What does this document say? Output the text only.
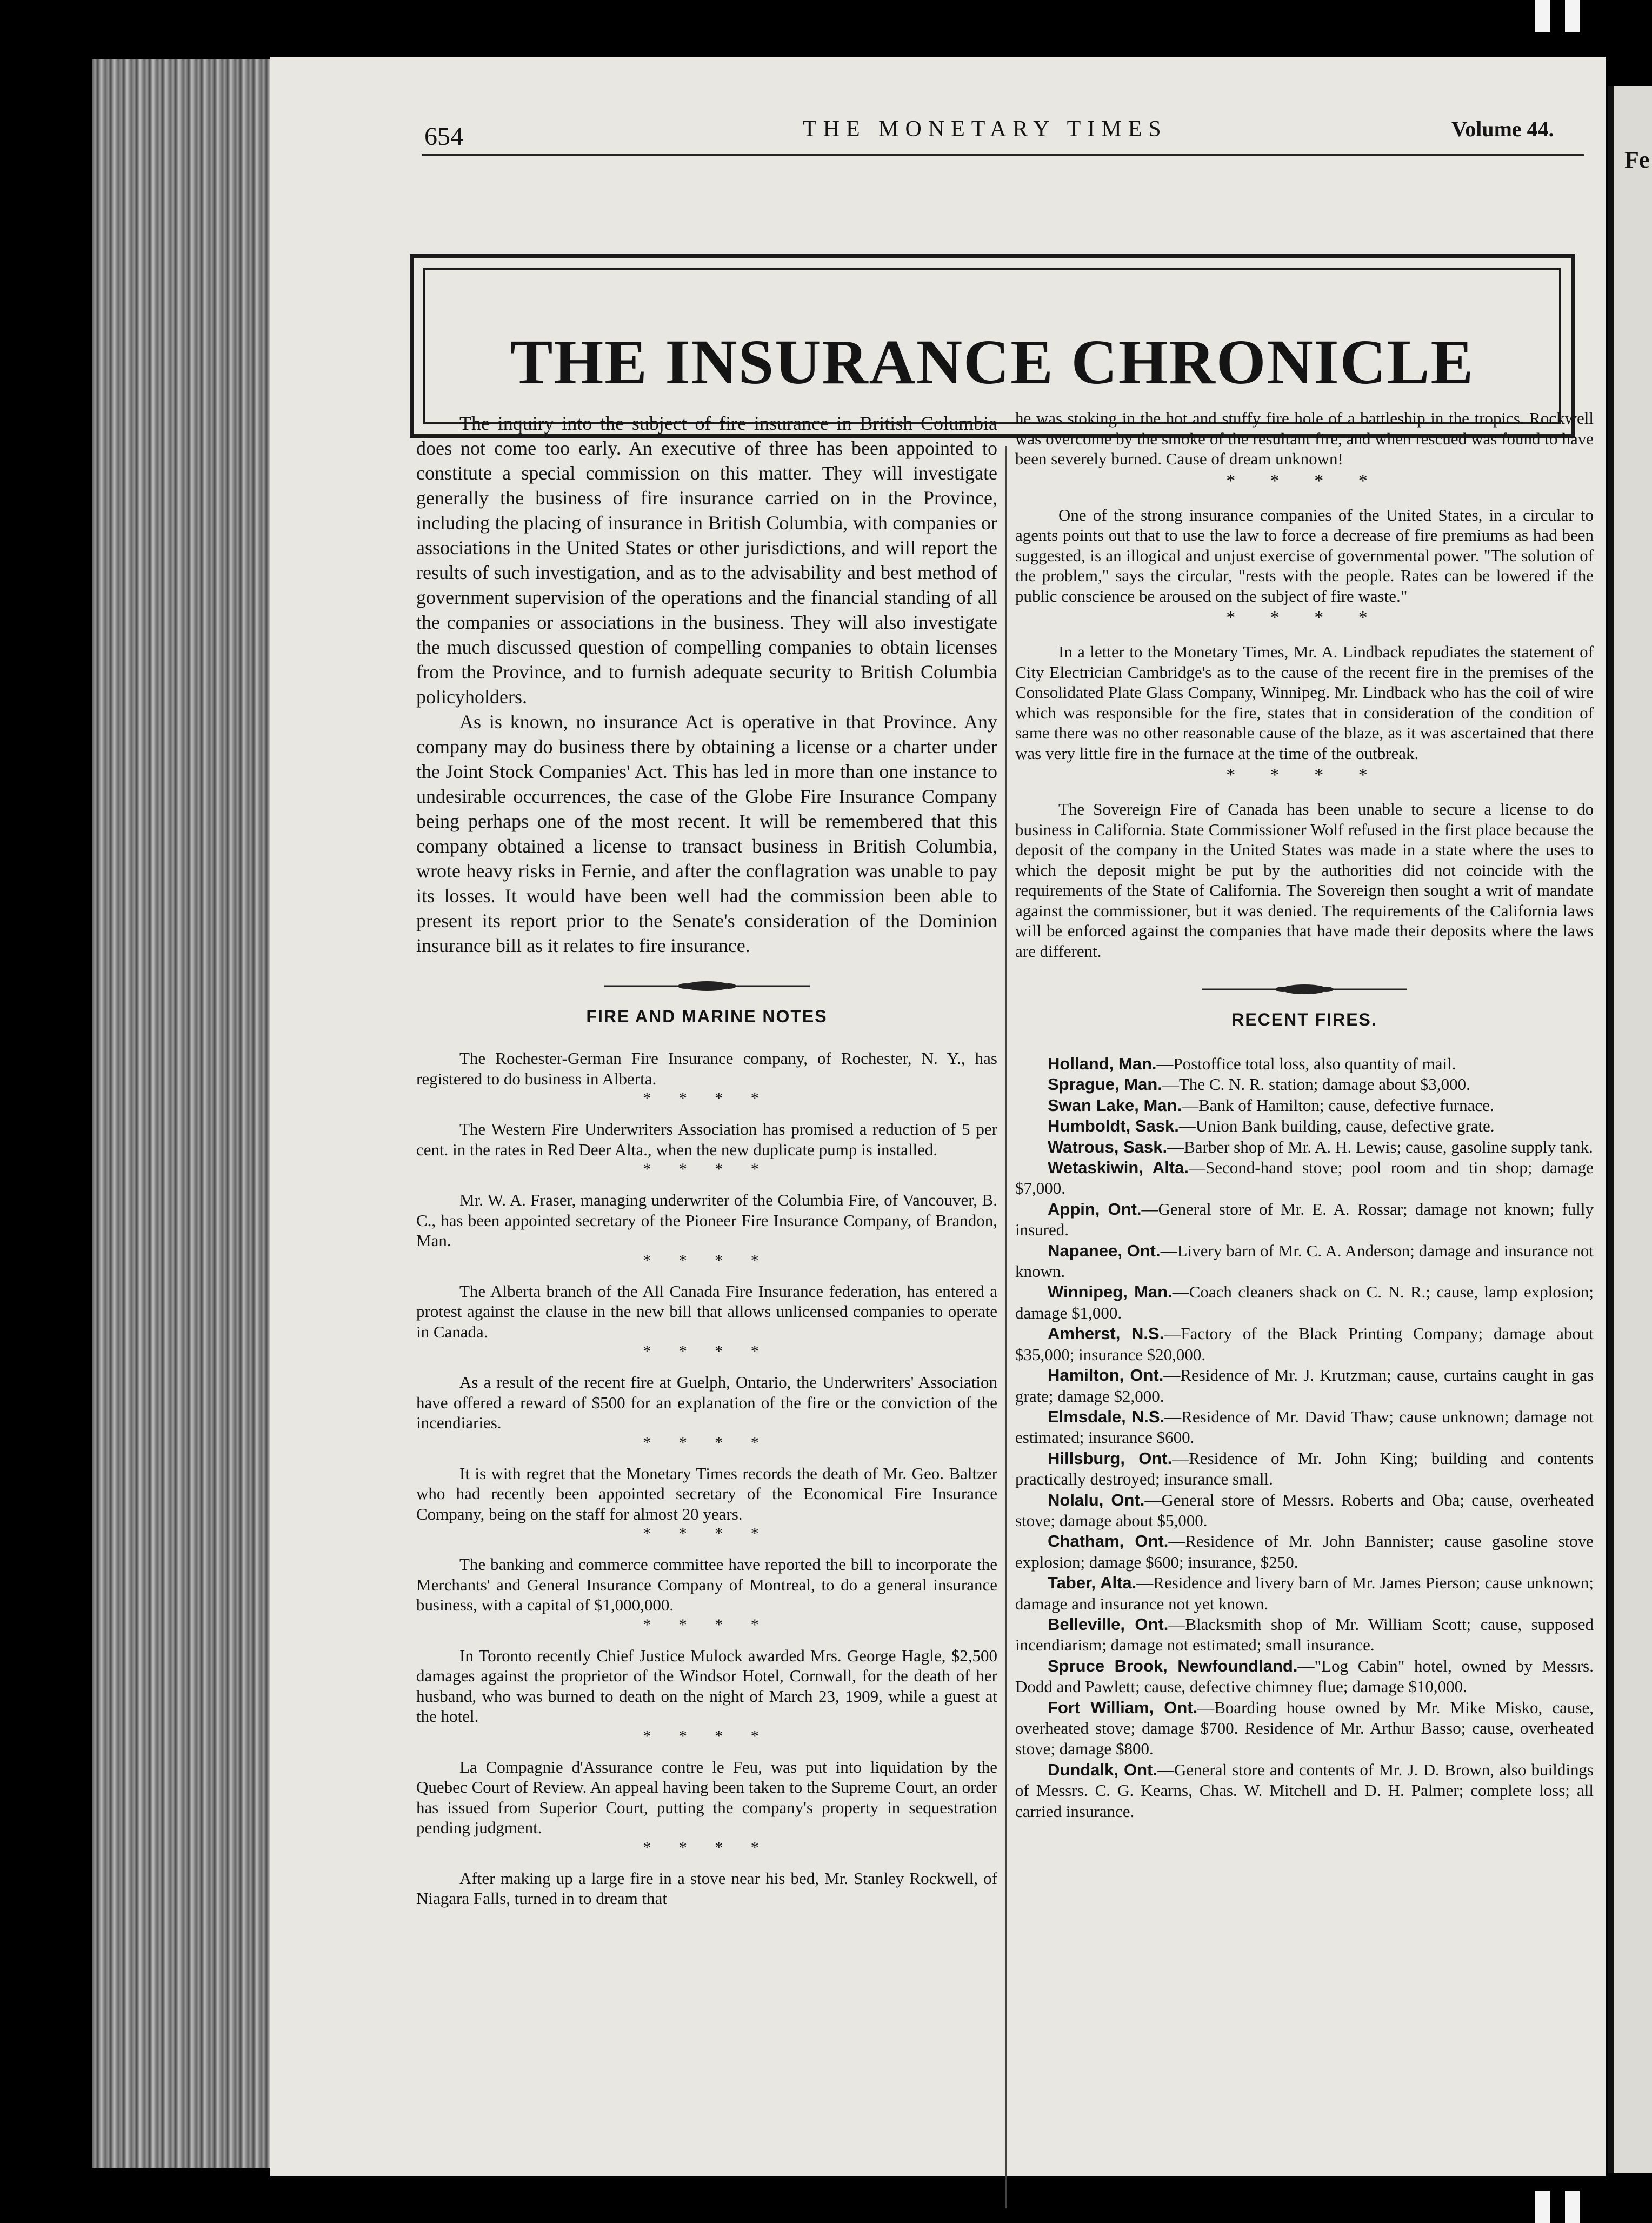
Fe
654	THE MONETARY TIMES	Volume 44.
THE INSURANCE CHRONICLE

The inquiry into the subject of fire insurance in British Columbia does not come too early. An executive of three has been appointed to constitute a special commission on this matter. They will investigate generally the business of fire insurance carried on in the Province, including the placing of insurance in British Columbia, with companies or associations in the United States or other jurisdictions, and will report the results of such investigation, and as to the advisability and best method of government supervision of the operations and the financial standing of all the companies or associations in the business. They will also investigate the much discussed question of compelling companies to obtain licenses from the Province, and to furnish adequate security to British Columbia policyholders.

As is known, no insurance Act is operative in that Province. Any company may do business there by obtaining a license or a charter under the Joint Stock Companies' Act. This has led in more than one instance to undesirable occurrences, the case of the Globe Fire Insurance Company being perhaps one of the most recent. It will be remembered that this company obtained a license to transact business in British Columbia, wrote heavy risks in Fernie, and after the conflagration was unable to pay its losses. It would have been well had the commission been able to present its report prior to the Senate's consideration of the Dominion insurance bill as it relates to fire insurance.

FIRE AND MARINE NOTES

The Rochester-German Fire Insurance company, of Rochester, N. Y., has registered to do business in Alberta.

* * * *

The Western Fire Underwriters Association has promised a reduction of 5 per cent. in the rates in Red Deer Alta., when the new duplicate pump is installed.

* * * *

Mr. W. A. Fraser, managing underwriter of the Columbia Fire, of Vancouver, B. C., has been appointed secretary of the Pioneer Fire Insurance Company, of Brandon, Man.

* * * *

The Alberta branch of the All Canada Fire Insurance federation, has entered a protest against the clause in the new bill that allows unlicensed companies to operate in Canada.

* * * *

As a result of the recent fire at Guelph, Ontario, the Underwriters' Association have offered a reward of $500 for an explanation of the fire or the conviction of the incendiaries.

* * * *

It is with regret that the Monetary Times records the death of Mr. Geo. Baltzer who had recently been appointed secretary of the Economical Fire Insurance Company, being on the staff for almost 20 years.

* * * *

The banking and commerce committee have reported the bill to incorporate the Merchants' and General Insurance Company of Montreal, to do a general insurance business, with a capital of $1,000,000.

* * * *

In Toronto recently Chief Justice Mulock awarded Mrs. George Hagle, $2,500 damages against the proprietor of the Windsor Hotel, Cornwall, for the death of her husband, who was burned to death on the night of March 23, 1909, while a guest at the hotel.

* * * *

La Compagnie d'Assurance contre le Feu, was put into liquidation by the Quebec Court of Review. An appeal having been taken to the Supreme Court, an order has issued from Superior Court, putting the company's property in sequestration pending judgment.

* * * *

After making up a large fire in a stove near his bed, Mr. Stanley Rockwell, of Niagara Falls, turned in to dream that

he was stoking in the hot and stuffy fire hole of a battleship in the tropics. Rockwell was overcome by the smoke of the resultant fire, and when rescued was found to have been severely burned. Cause of dream unknown!

* * * *

One of the strong insurance companies of the United States, in a circular to agents points out that to use the law to force a decrease of fire premiums as had been suggested, is an illogical and unjust exercise of governmental power. "The solution of the problem," says the circular, "rests with the people. Rates can be lowered if the public conscience be aroused on the subject of fire waste."

* * * *

In a letter to the Monetary Times, Mr. A. Lindback repudiates the statement of City Electrician Cambridge's as to the cause of the recent fire in the premises of the Consolidated Plate Glass Company, Winnipeg. Mr. Lindback who has the coil of wire which was responsible for the fire, states that in consideration of the condition of same there was no other reasonable cause of the blaze, as it was ascertained that there was very little fire in the furnace at the time of the outbreak.

* * * *

The Sovereign Fire of Canada has been unable to secure a license to do business in California. State Commissioner Wolf refused in the first place because the deposit of the company in the United States was made in a state where the uses to which the deposit might be put by the authorities did not coincide with the requirements of the State of California. The Sovereign then sought a writ of mandate against the commissioner, but it was denied. The requirements of the California laws will be enforced against the companies that have made their deposits where the laws are different.

RECENT FIRES.

Holland, Man.—Postoffice total loss, also quantity of mail.

Sprague, Man.—The C. N. R. station; damage about $3,000.

Swan Lake, Man.—Bank of Hamilton; cause, defective furnace.

Humboldt, Sask.—Union Bank building, cause, defective grate.

Watrous, Sask.—Barber shop of Mr. A. H. Lewis; cause, gasoline supply tank.

Wetaskiwin, Alta.—Second-hand stove; pool room and tin shop; damage $7,000.

Appin, Ont.—General store of Mr. E. A. Rossar; damage not known; fully insured.

Napanee, Ont.—Livery barn of Mr. C. A. Anderson; damage and insurance not known.

Winnipeg, Man.—Coach cleaners shack on C. N. R.; cause, lamp explosion; damage $1,000.

Amherst, N.S.—Factory of the Black Printing Company; damage about $35,000; insurance $20,000.

Hamilton, Ont.—Residence of Mr. J. Krutzman; cause, curtains caught in gas grate; damage $2,000.

Elmsdale, N.S.—Residence of Mr. David Thaw; cause unknown; damage not estimated; insurance $600.

Hillsburg, Ont.—Residence of Mr. John King; building and contents practically destroyed; insurance small.

Nolalu, Ont.—General store of Messrs. Roberts and Oba; cause, overheated stove; damage about $5,000.

Chatham, Ont.—Residence of Mr. John Bannister; cause gasoline stove explosion; damage $600; insurance, $250.

Taber, Alta.—Residence and livery barn of Mr. James Pierson; cause unknown; damage and insurance not yet known.

Belleville, Ont.—Blacksmith shop of Mr. William Scott; cause, supposed incendiarism; damage not estimated; small insurance.

Spruce Brook, Newfoundland.—"Log Cabin" hotel, owned by Messrs. Dodd and Pawlett; cause, defective chimney flue; damage $10,000.

Fort William, Ont.—Boarding house owned by Mr. Mike Misko, cause, overheated stove; damage $700. Residence of Mr. Arthur Basso; cause, overheated stove; damage $800.

Dundalk, Ont.—General store and contents of Mr. J. D. Brown, also buildings of Messrs. C. G. Kearns, Chas. W. Mitchell and D. H. Palmer; complete loss; all carried insurance.
